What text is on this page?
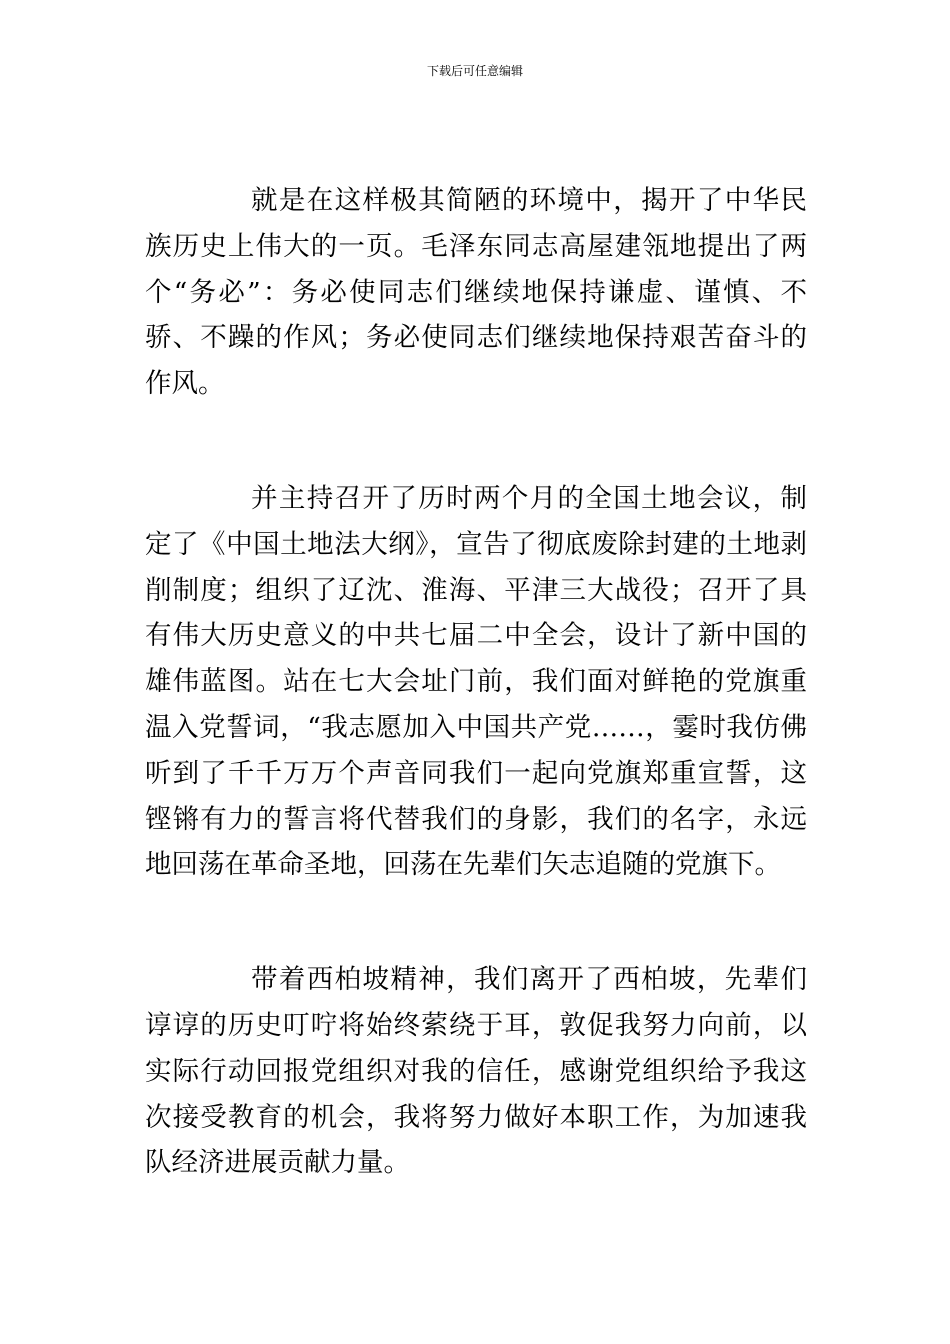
下载后可任意编辑

就是在这样极其简陋的环境中，揭开了中华民族历史上伟大的一页。毛泽东同志高屋建瓴地提出了两个“务必”：务必使同志们继续地保持谦虚、谨慎、不骄、不躁的作风；务必使同志们继续地保持艰苦奋斗的作风。

并主持召开了历时两个月的全国土地会议，制定了《中国土地法大纲》，宣告了彻底废除封建的土地剥削制度；组织了辽沈、淮海、平津三大战役；召开了具有伟大历史意义的中共七届二中全会，设计了新中国的雄伟蓝图。站在七大会址门前，我们面对鲜艳的党旗重温入党誓词，“我志愿加入中国共产党……，霎时我仿佛听到了千千万万个声音同我们一起向党旗郑重宣誓，这铿锵有力的誓言将代替我们的身影，我们的名字，永远地回荡在革命圣地，回荡在先辈们矢志追随的党旗下。

带着西柏坡精神，我们离开了西柏坡，先辈们谆谆的历史叮咛将始终萦绕于耳，敦促我努力向前，以实际行动回报党组织对我的信任，感谢党组织给予我这次接受教育的机会，我将努力做好本职工作，为加速我队经济进展贡献力量。
